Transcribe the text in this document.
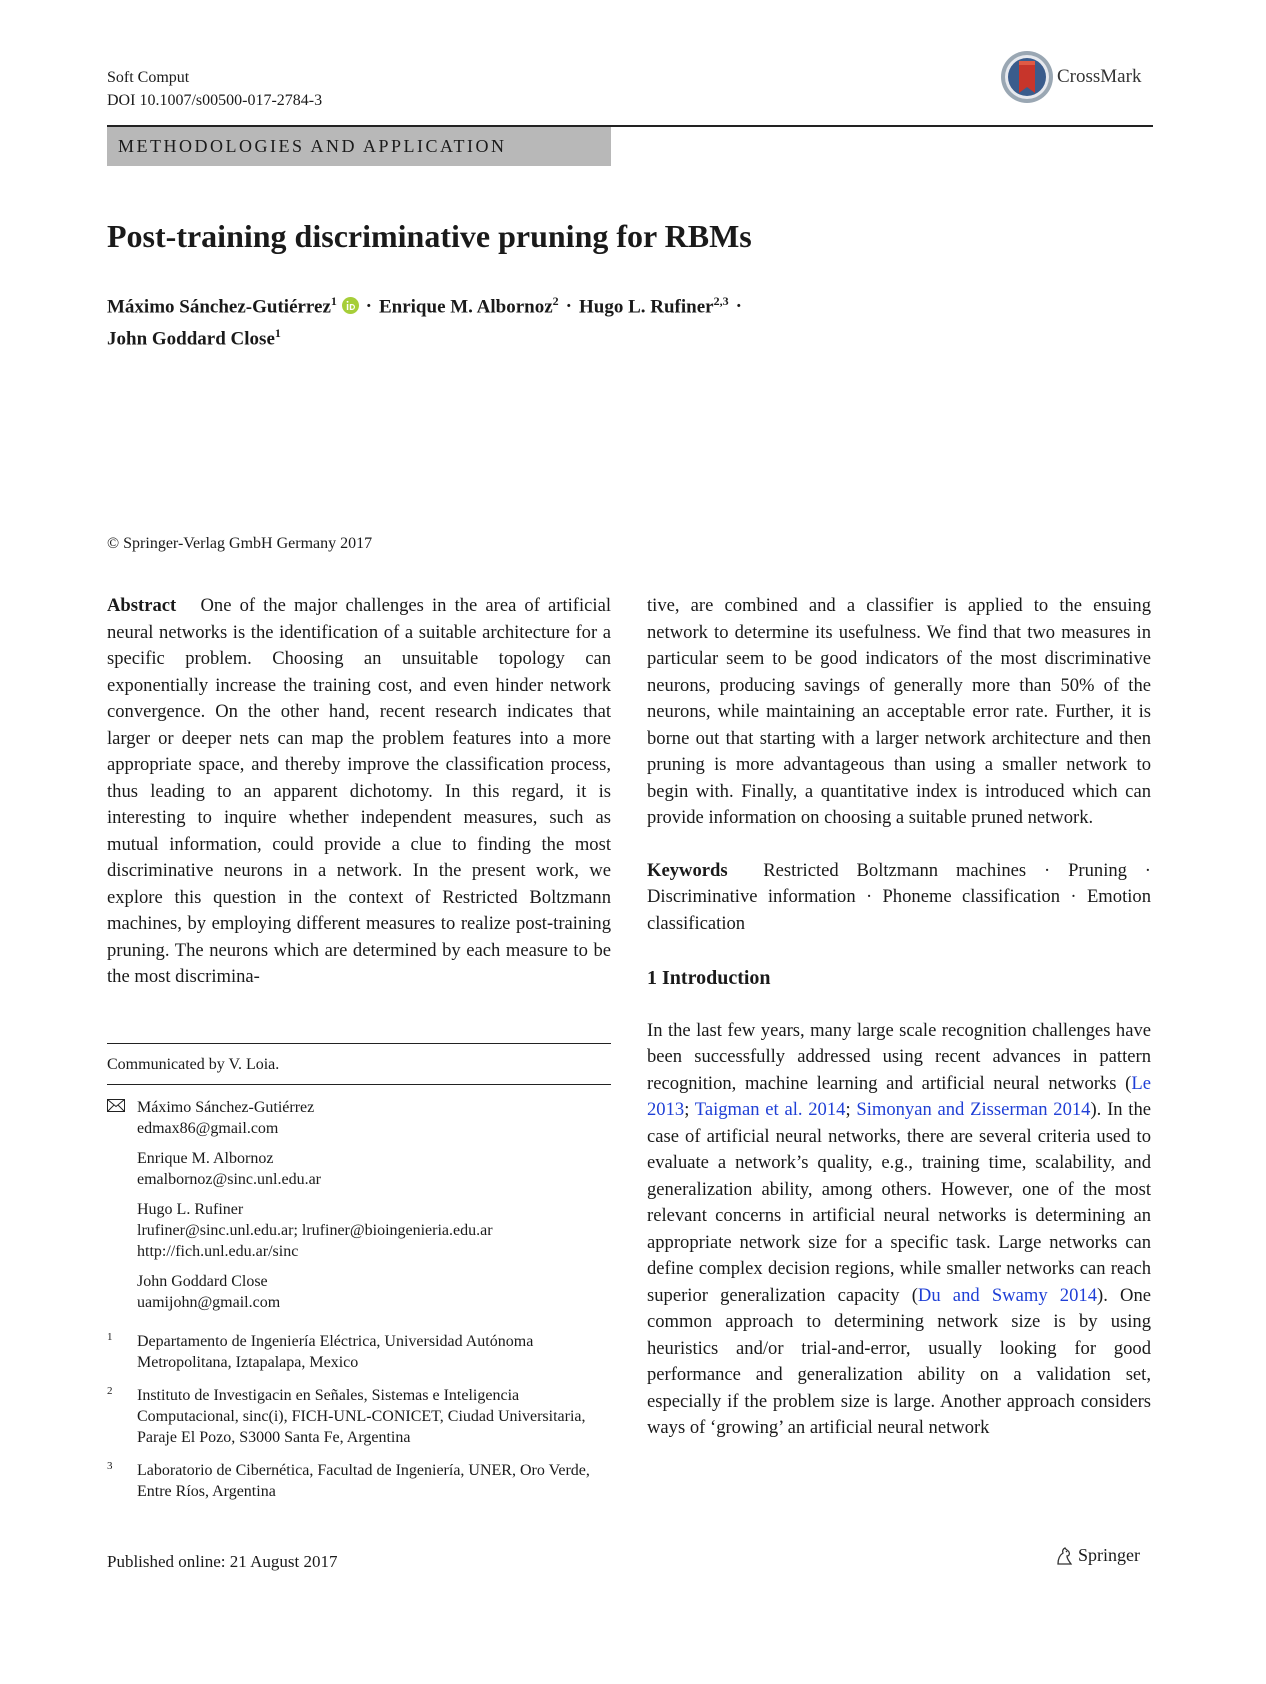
Soft Comput
DOI 10.1007/s00500-017-2784-3
CrossMark
METHODOLOGIES AND APPLICATION
Post-training discriminative pruning for RBMs
Máximo Sánchez-Gutiérrez$^1$ · Enrique M. Albornoz$^2$ · Hugo L. Rufiner$^{2,3}$ ·
John Goddard Close$^1$
© Springer-Verlag GmbH Germany 2017

Abstract One of the major challenges in the area of artificial neural networks is the identification of a suitable architecture for a specific problem. Choosing an unsuitable topology can exponentially increase the training cost, and even hinder network convergence. On the other hand, recent research indicates that larger or deeper nets can map the problem features into a more appropriate space, and thereby improve the classification process, thus leading to an apparent dichotomy. In this regard, it is interesting to inquire whether independent measures, such as mutual information, could provide a clue to finding the most discriminative neurons in a network. In the present work, we explore this question in the context of Restricted Boltzmann machines, by employing different measures to realize post-training pruning. The neurons which are determined by each measure to be the most discrimina-

Communicated by V. Loia.
Máximo Sánchez-Gutiérrez
edmax86@gmail.com
Enrique M. Albornoz
emalbornoz@sinc.unl.edu.ar
Hugo L. Rufiner
lrufiner@sinc.unl.edu.ar; lrufiner@bioingenieria.edu.ar
http://fich.unl.edu.ar/sinc
John Goddard Close
uamijohn@gmail.com
1 Departamento de Ingeniería Eléctrica, Universidad Autónoma Metropolitana, Iztapalapa, Mexico
2 Instituto de Investigacin en Señales, Sistemas e Inteligencia Computacional, sinc(i), FICH-UNL-CONICET, Ciudad Universitaria, Paraje El Pozo, S3000 Santa Fe, Argentina
3 Laboratorio de Cibernética, Facultad de Ingeniería, UNER, Oro Verde, Entre Ríos, Argentina

tive, are combined and a classifier is applied to the ensuing network to determine its usefulness. We find that two measures in particular seem to be good indicators of the most discriminative neurons, producing savings of generally more than 50% of the neurons, while maintaining an acceptable error rate. Further, it is borne out that starting with a larger network architecture and then pruning is more advantageous than using a smaller network to begin with. Finally, a quantitative index is introduced which can provide information on choosing a suitable pruned network.

Keywords Restricted Boltzmann machines · Pruning · Discriminative information · Phoneme classification · Emotion classification

1 Introduction

In the last few years, many large scale recognition challenges have been successfully addressed using recent advances in pattern recognition, machine learning and artificial neural networks (Le 2013; Taigman et al. 2014; Simonyan and Zisserman 2014). In the case of artificial neural networks, there are several criteria used to evaluate a network’s quality, e.g., training time, scalability, and generalization ability, among others. However, one of the most relevant concerns in artificial neural networks is determining an appropriate network size for a specific task. Large networks can define complex decision regions, while smaller networks can reach superior generalization capacity (Du and Swamy 2014). One common approach to determining network size is by using heuristics and/or trial-and-error, usually looking for good performance and generalization ability on a validation set, especially if the problem size is large. Another approach considers ways of ‘growing’ an artificial neural network

Published online: 21 August 2017	Springer
